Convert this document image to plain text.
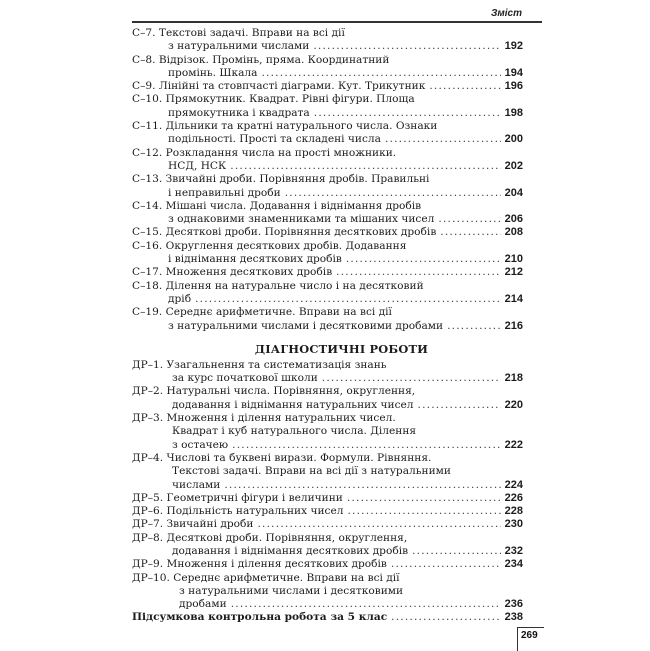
Зміст
С–7.
Текстові задачі. Вправи на всі дії
з натуральними числами .....	192
С–8.
Відрізок. Промінь, пряма. Координатний
промінь. Шкала .....	194
С–9.
Лінійні та стовпчасті діаграми. Кут. Трикутник .....	196
С–10.
Прямокутник. Квадрат. Рівні фігури. Площа
прямокутника і квадрата .....	198
С–11.
Дільники та кратні натурального числа. Ознаки
подільності. Прості та складені числа .....	200
С–12.
Розкладання числа на прості множники.
НСД, НСК .....	202
С–13.
Звичайні дроби. Порівняння дробів. Правильні
і неправильні дроби .....	204
С–14.
Мішані числа. Додавання і віднімання дробів
з однаковими знаменниками та мішаних чисел .....	206
С–15.
Десяткові дроби. Порівняння десяткових дробів .....	208
С–16.
Округлення десяткових дробів. Додавання
і віднімання десяткових дробів .....	210
С–17.
Множення десяткових дробів .....	212
С–18.
Ділення на натуральне число і на десятковий
дріб .....	214
С–19.
Середнє арифметичне. Вправи на всі дії
з натуральними числами і десятковими дробами .....	216
ДІАГНОСТИЧНІ РОБОТИ
ДР–1.
Узагальнення та систематизація знань
за курс початкової школи .....	218
ДР–2.
Натуральні числа. Порівняння, округлення,
додавання і віднімання натуральних чисел .....	220
ДР–3.
Множення і ділення натуральних чисел.
Квадрат і куб натурального числа. Ділення
з остачею .....	222
ДР–4.
Числові та буквені вирази. Формули. Рівняння.
Текстові задачі. Вправи на всі дії з натуральними
числами .....	224
ДР–5.
Геометричні фігури і величини .....	226
ДР–6.
Подільність натуральних чисел .....	228
ДР–7.
Звичайні дроби .....	230
ДР–8.
Десяткові дроби. Порівняння, округлення,
додавання і віднімання десяткових дробів .....	232
ДР–9.
Множення і ділення десяткових дробів .....	234
ДР–10.
Середнє арифметичне. Вправи на всі дії
з натуральними числами і десятковими
дробами .....	236
Підсумкова контрольна робота за 5 клас .....	238
269
